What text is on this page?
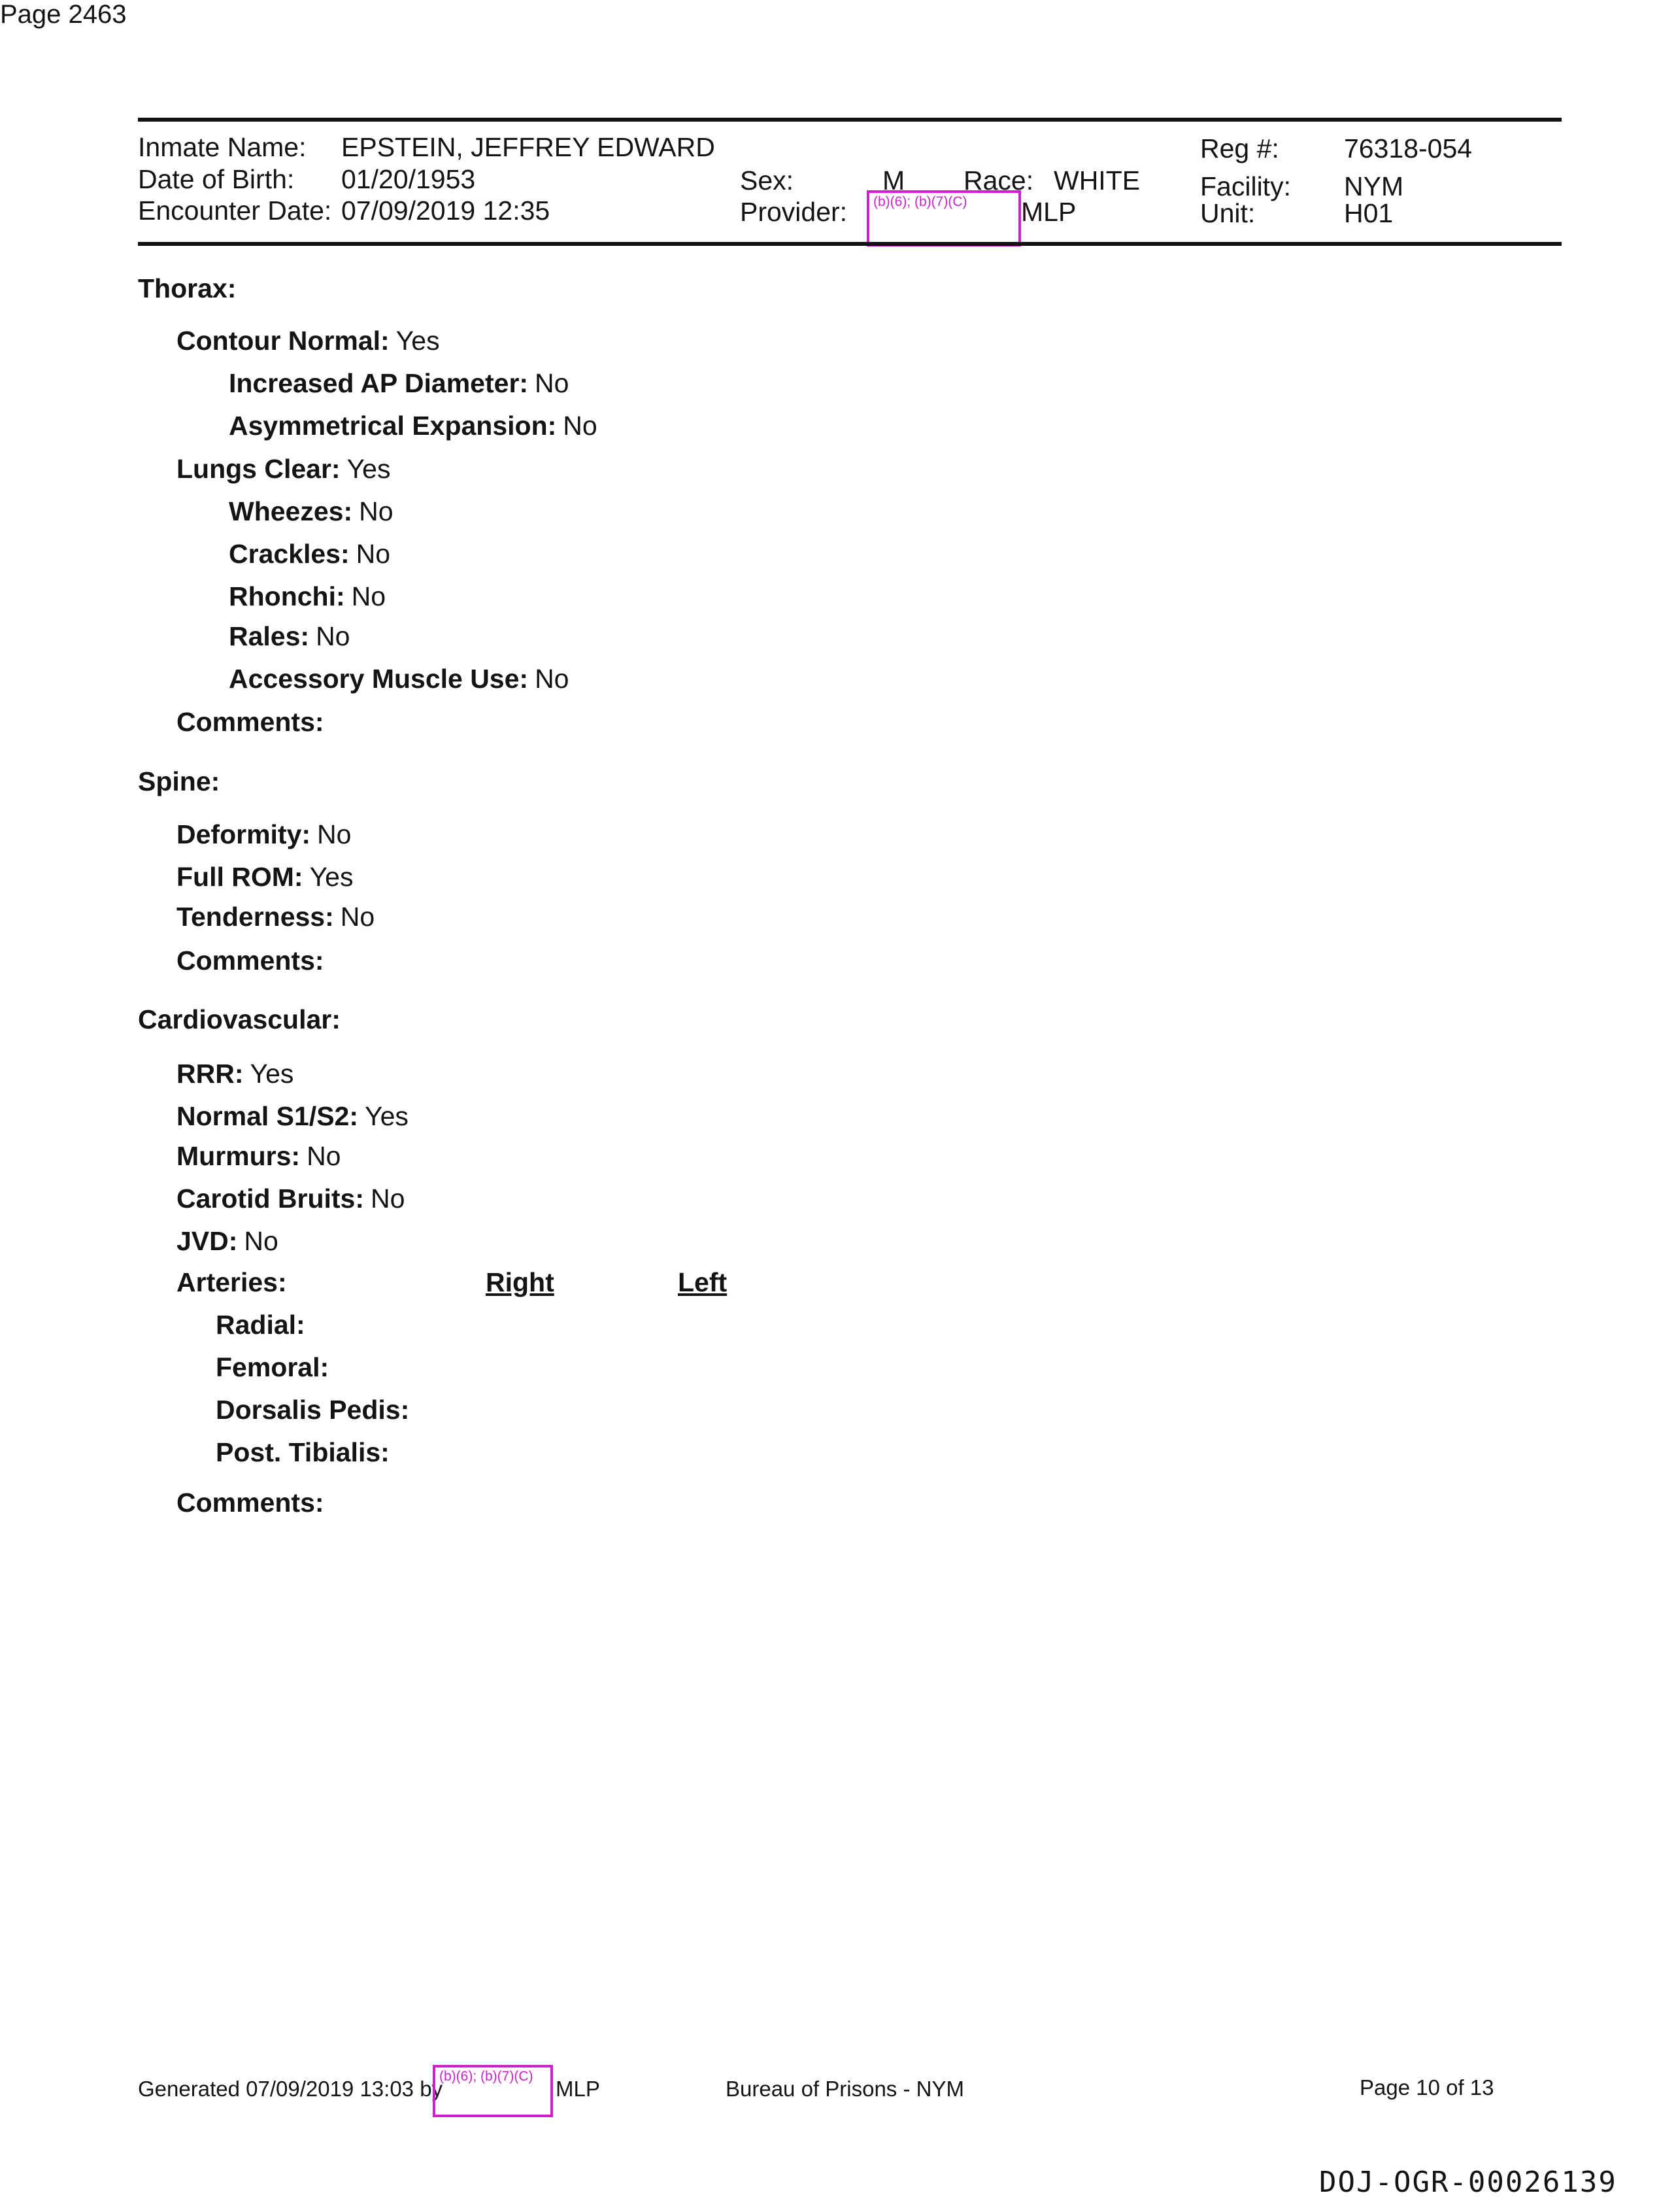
Page 2463
Inmate Name: EPSTEIN, JEFFREY EDWARD
Date of Birth: 01/20/1953
Encounter Date: 07/09/2019 12:35
Sex:	M Race: WHITE
Provider:	(b)(6); (b)(7)(C)	MLP
Reg #: 76318-054
Facility: NYM
Unit:	H01
Thorax:
Contour Normal: Yes
Increased AP Diameter: No
Asymmetrical Expansion: No
Lungs Clear: Yes
Wheezes: No
Crackles: No
Rhonchi: No
Rales: No
Accessory Muscle Use: No
Comments:
Spine:
Deformity: No
Full ROM: Yes
Tenderness: No
Comments:
Cardiovascular:
RRR: Yes
Normal S1/S2: Yes
Murmurs: No
Carotid Bruits: No
JVD: No
Arteries:	Right	Left
Radial:
Femoral:
Dorsalis Pedis:
Post. Tibialis:
Comments:
Generated 07/09/2019 13:03 by
(b)(6); (b)(7)(C)
MLP	Bureau of Prisons - NYM	Page 10 of 13
DOJ-OGR-00026139
